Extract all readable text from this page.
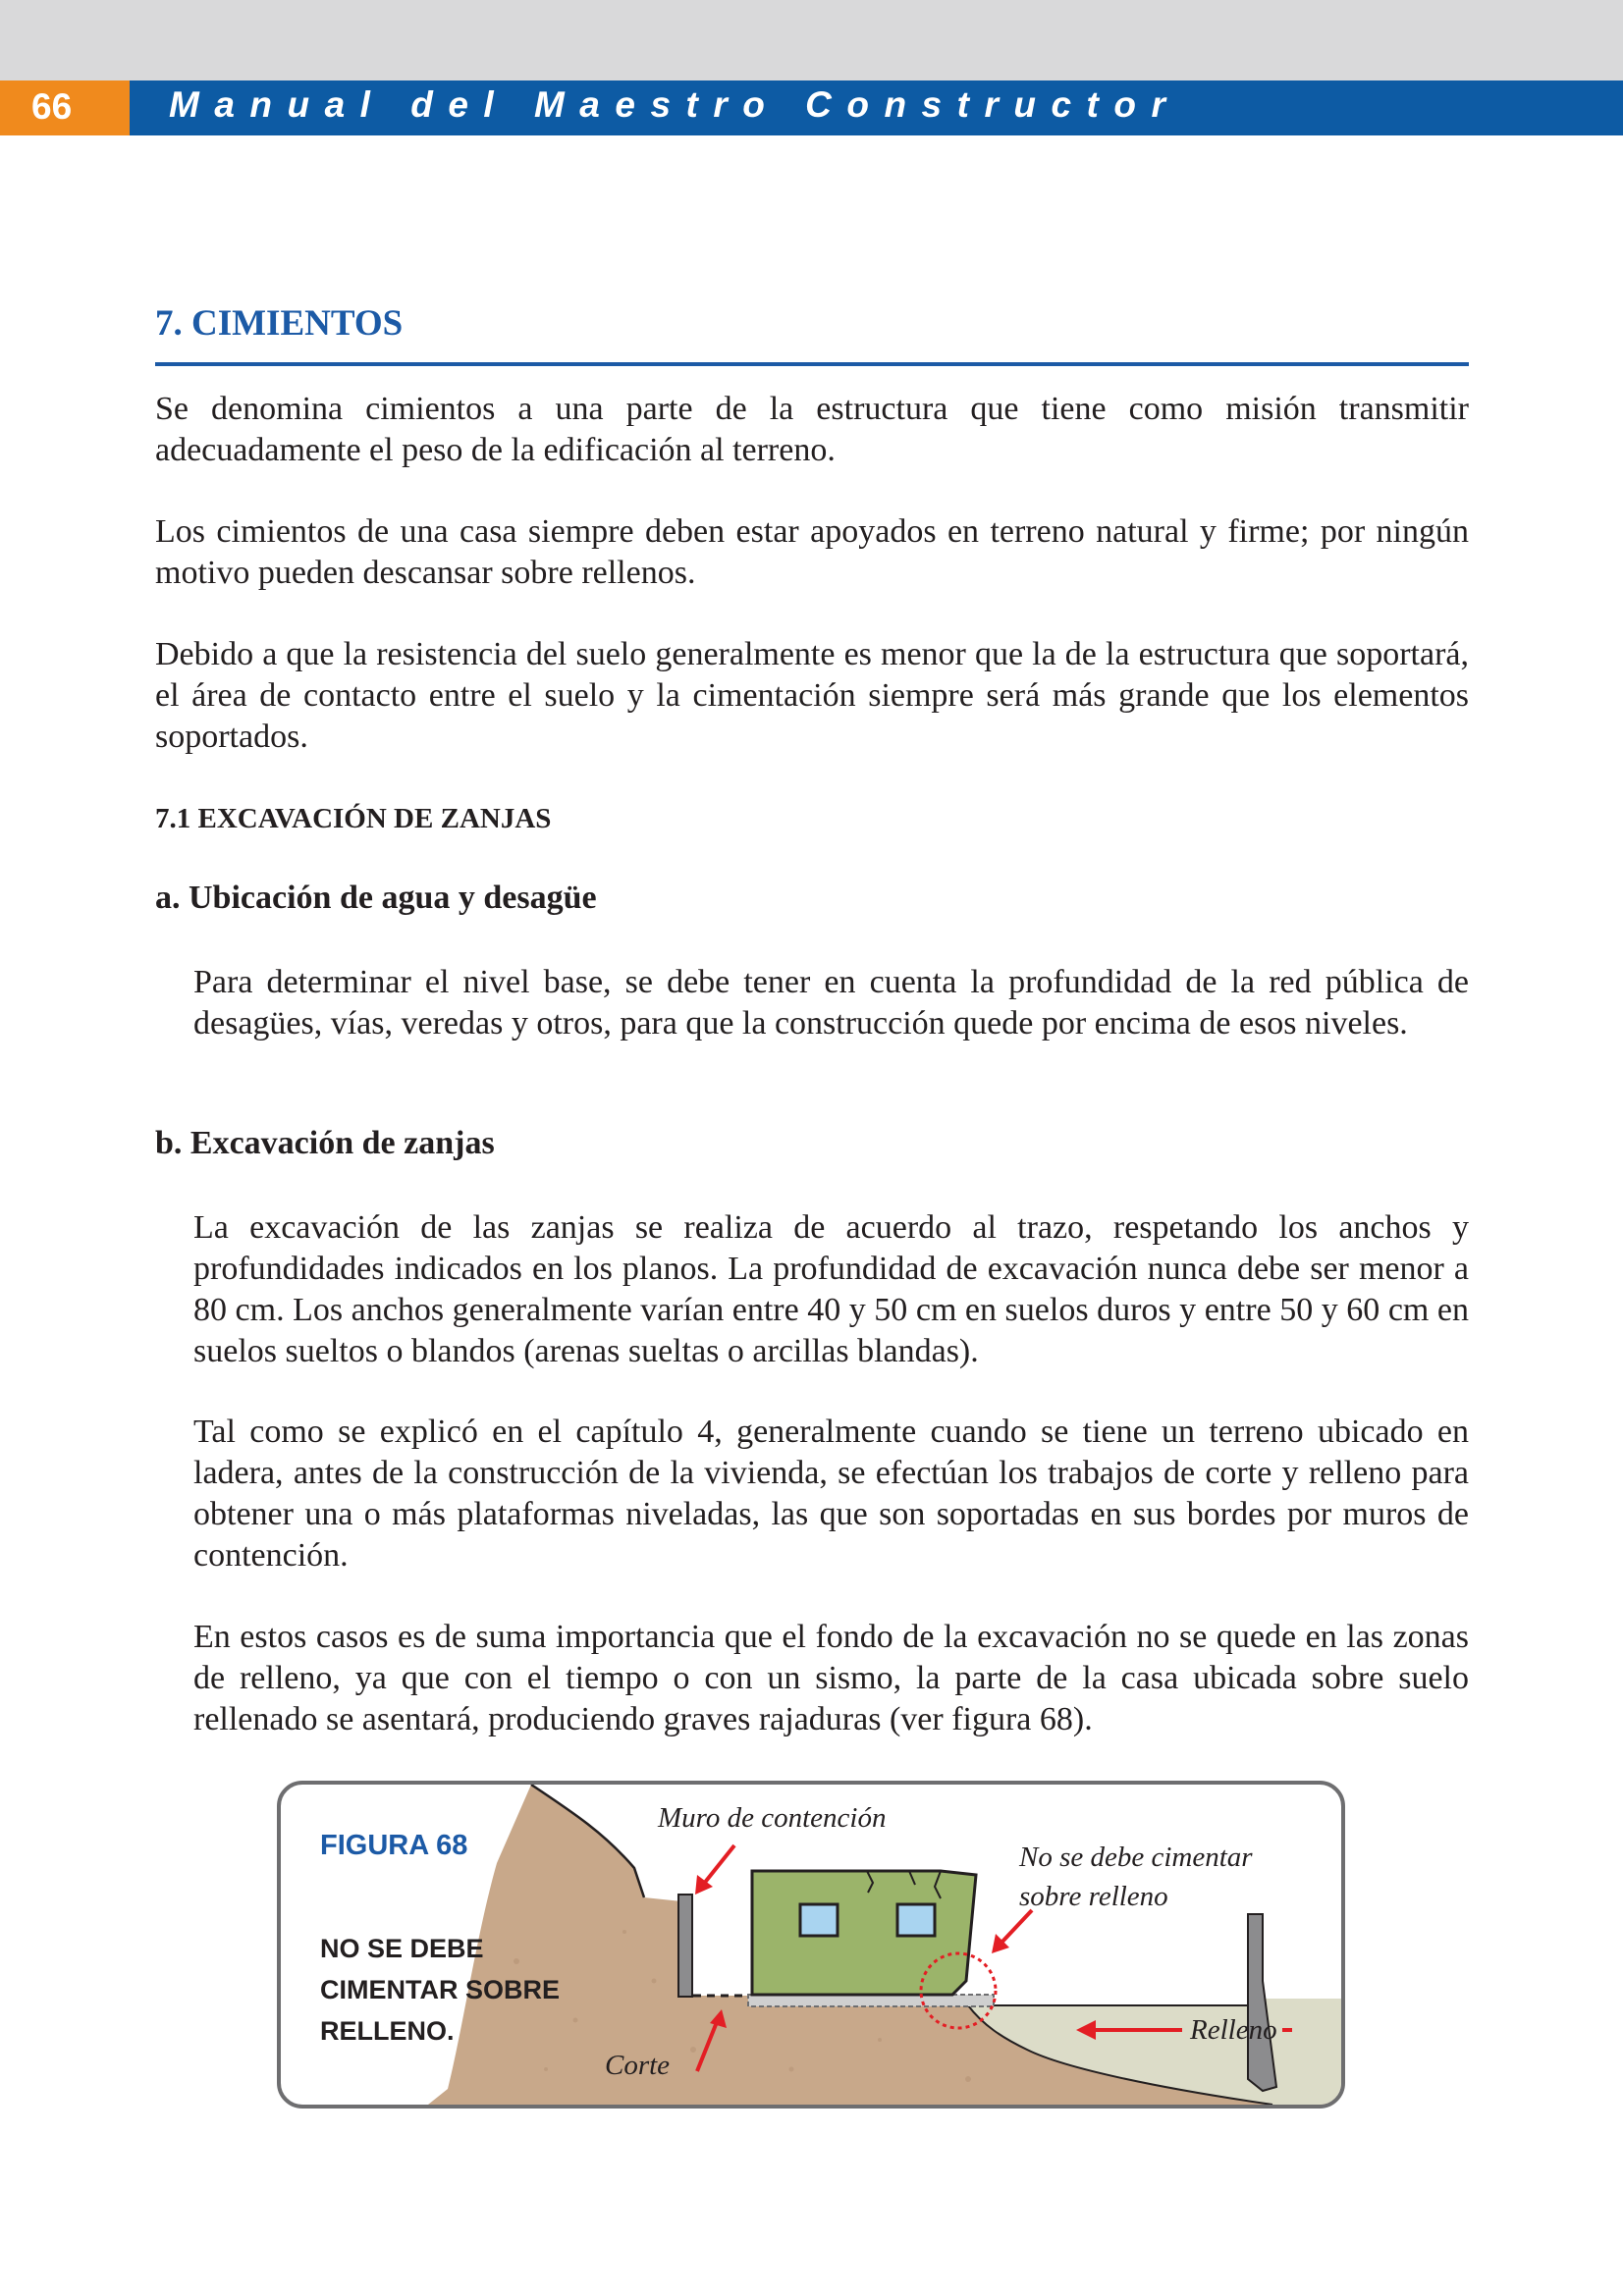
66	Manual del Maestro Constructor
7. CIMIENTOS

Se denomina cimientos a una parte de la estructura que tiene como misión transmitir adecuadamente el peso de la edificación al terreno.

Los cimientos de una casa siempre deben estar apoyados en terreno natural y firme; por ningún motivo pueden descansar sobre rellenos.

Debido a que la resistencia del suelo generalmente es menor que la de la estructura que soportará, el área de contacto entre el suelo y la cimentación siempre será más grande que los elementos soportados.

7.1 EXCAVACIÓN DE ZANJAS
a. Ubicación de agua y desagüe

Para determinar el nivel base, se debe tener en cuenta la profundidad de la red pública de desagües, vías, veredas y otros, para que la construcción quede por encima de esos niveles.

b. Excavación de zanjas

La excavación de las zanjas se realiza de acuerdo al trazo, respetando los anchos y profundidades indicados en los planos. La profundidad de excavación nunca debe ser menor a 80 cm. Los anchos generalmente varían entre 40 y 50 cm en suelos duros y entre 50 y 60 cm en suelos sueltos o blandos (arenas sueltas o arcillas blandas).

Tal como se explicó en el capítulo 4, generalmente cuando se tiene un terreno ubicado en ladera, antes de la construcción de la vivienda, se efectúan los trabajos de corte y relleno para obtener una o más plataformas niveladas, las que son soportadas en sus bordes por muros de contención.

En estos casos es de suma importancia que el fondo de la excavación no se quede en las zonas de relleno, ya que con el tiempo o con un sismo, la parte de la casa ubicada sobre suelo rellenado se asentará, produciendo graves rajaduras (ver figura 68).

FIGURA 68
NO SE DEBE
CIMENTAR SOBRE
RELLENO.
Muro de contención
No se debe cimentar
sobre relleno
Corte
Relleno
